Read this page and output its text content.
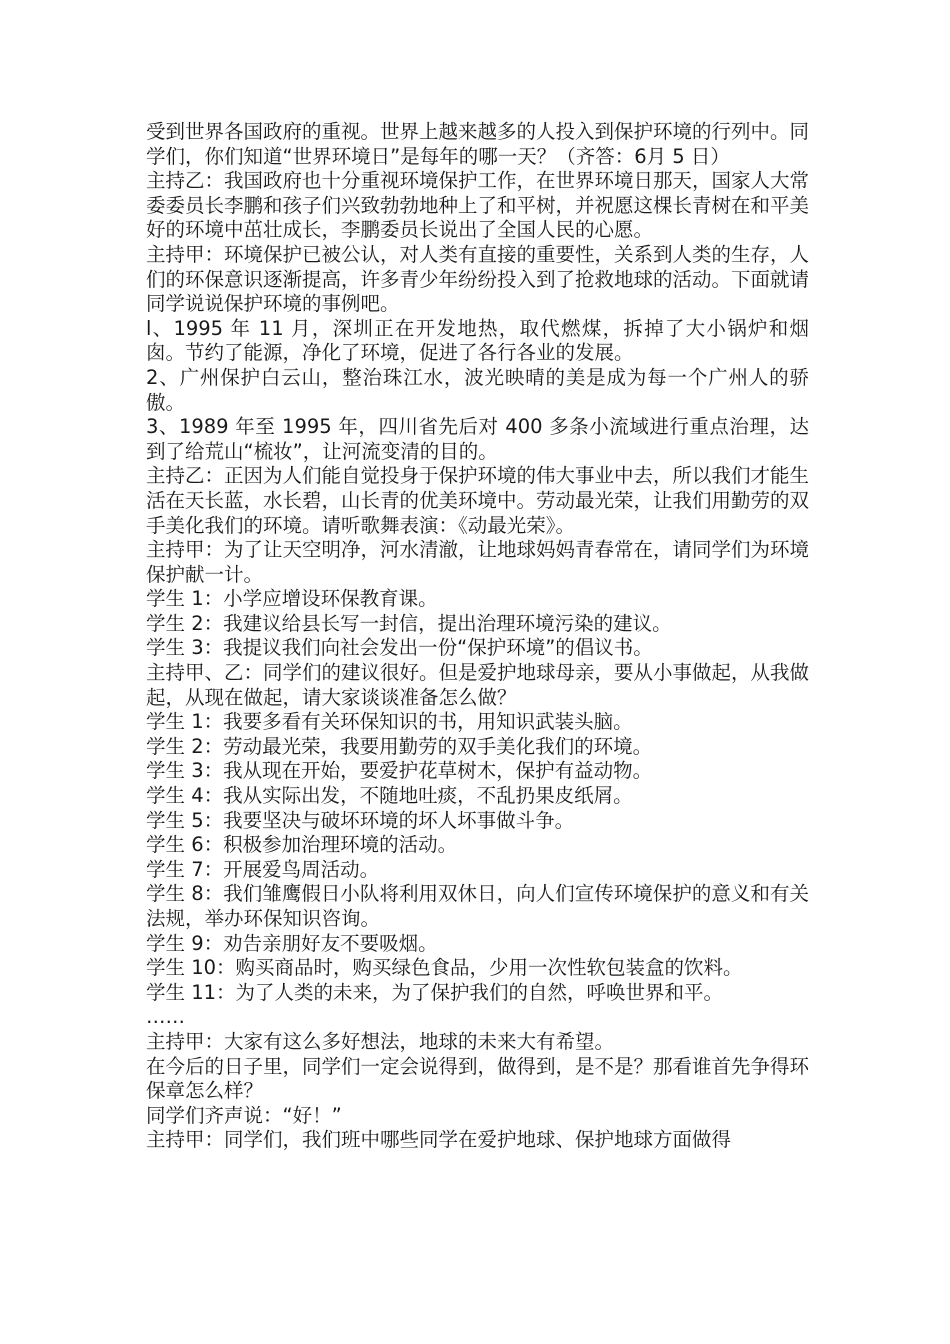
受到世界各国政府的重视。世界上越来越多的人投入到保护环境的行列中。同学们，你们知道“世界环境日”是每年的哪一天？（齐答：6月 5 日）

主持乙：我国政府也十分重视环境保护工作，在世界环境日那天，国家人大常委委员长李鹏和孩子们兴致勃勃地种上了和平树，并祝愿这棵长青树在和平美好的环境中茁壮成长，李鹏委员长说出了全国人民的心愿。

主持甲：环境保护已被公认，对人类有直接的重要性，关系到人类的生存，人们的环保意识逐渐提高，许多青少年纷纷投入到了抢救地球的活动。下面就请同学说说保护环境的事例吧。

l、1995 年 11 月，深圳正在开发地热，取代燃煤，拆掉了大小锅炉和烟囱。节约了能源，净化了环境，促进了各行各业的发展。

2、广州保护白云山，整治珠江水，波光映晴的美是成为每一个广州人的骄傲。

3、1989 年至 1995 年，四川省先后对 400 多条小流域进行重点治理，达到了给荒山“梳妆”，让河流变清的目的。

主持乙：正因为人们能自觉投身于保护环境的伟大事业中去，所以我们才能生活在天长蓝，水长碧，山长青的优美环境中。劳动最光荣，让我们用勤劳的双手美化我们的环境。请听歌舞表演：《动最光荣》。

主持甲：为了让天空明净，河水清澈，让地球妈妈青春常在，请同学们为环境保护献一计。

学生 1：小学应增设环保教育课。

学生 2：我建议给县长写一封信，提出治理环境污染的建议。

学生 3：我提议我们向社会发出一份“保护环境”的倡议书。

主持甲、乙：同学们的建议很好。但是爱护地球母亲，要从小事做起，从我做起，从现在做起，请大家谈谈准备怎么做？

学生 1：我要多看有关环保知识的书，用知识武装头脑。

学生 2：劳动最光荣，我要用勤劳的双手美化我们的环境。

学生 3：我从现在开始，要爱护花草树木，保护有益动物。

学生 4：我从实际出发，不随地吐痰，不乱扔果皮纸屑。

学生 5：我要坚决与破坏环境的坏人坏事做斗争。

学生 6：积极参加治理环境的活动。

学生 7：开展爱鸟周活动。

学生 8：我们雏鹰假日小队将利用双休日，向人们宣传环境保护的意义和有关法规，举办环保知识咨询。

学生 9：劝告亲朋好友不要吸烟。

学生 10：购买商品时，购买绿色食品，少用一次性软包装盒的饮料。

学生 11：为了人类的未来，为了保护我们的自然，呼唤世界和平。

……

主持甲：大家有这么多好想法，地球的未来大有希望。

在今后的日子里，同学们一定会说得到，做得到，是不是？那看谁首先争得环保章怎么样？

同学们齐声说：“好！”

主持甲：同学们，我们班中哪些同学在爱护地球、保护地球方面做得
